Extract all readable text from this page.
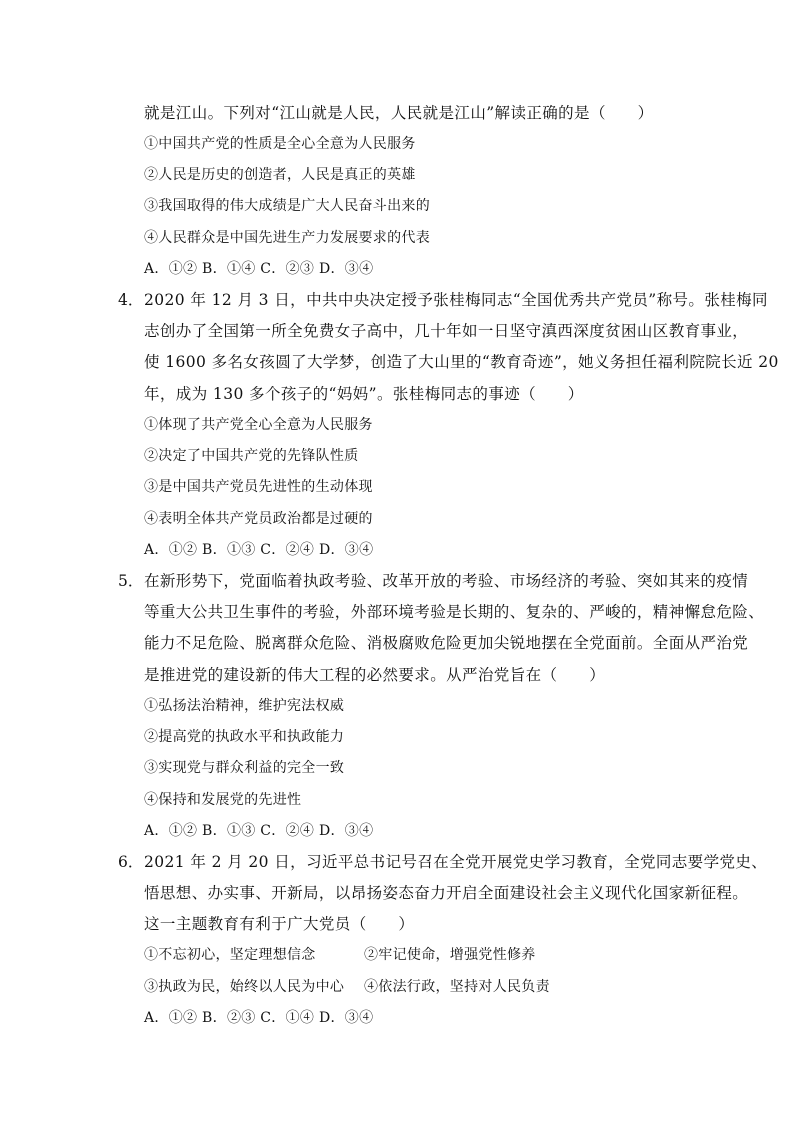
就是江山。下列对“江山就是人民，人民就是江山”解读正确的是（　　）
①中国共产党的性质是全心全意为人民服务
②人民是历史的创造者，人民是真正的英雄
③我国取得的伟大成绩是广大人民奋斗出来的
④人民群众是中国先进生产力发展要求的代表
A．①② B．①④ C．②③ D．③④
4． 2020 年 12 月 3 日，中共中央决定授予张桂梅同志“全国优秀共产党员”称号。张桂梅同
志创办了全国第一所全免费女子高中，几十年如一日坚守滇西深度贫困山区教育事业，
使 1600 多名女孩圆了大学梦，创造了大山里的“教育奇迹”，她义务担任福利院院长近 20
年，成为 130 多个孩子的“妈妈”。张桂梅同志的事迹（　　）
①体现了共产党全心全意为人民服务
②决定了中国共产党的先锋队性质
③是中国共产党员先进性的生动体现
④表明全体共产党员政治都是过硬的
A．①② B．①③ C．②④ D．③④
5． 在新形势下，党面临着执政考验、改革开放的考验、市场经济的考验、突如其来的疫情
等重大公共卫生事件的考验，外部环境考验是长期的、复杂的、严峻的，精神懈怠危险、
能力不足危险、脱离群众危险、消极腐败危险更加尖锐地摆在全党面前。全面从严治党
是推进党的建设新的伟大工程的必然要求。从严治党旨在（　　）
①弘扬法治精神，维护宪法权威
②提高党的执政水平和执政能力
③实现党与群众利益的完全一致
④保持和发展党的先进性
A．①② B．①③ C．②④ D．③④
6． 2021 年 2 月 20 日，习近平总书记号召在全党开展党史学习教育，全党同志要学党史、
悟思想、办实事、开新局，以昂扬姿态奋力开启全面建设社会主义现代化国家新征程。
这一主题教育有利于广大党员（　　）
①不忘初心，坚定理想信念	②牢记使命，增强党性修养
③执政为民，始终以人民为中心 ④依法行政，坚持对人民负责
A．①② B．②③ C．①④ D．③④
